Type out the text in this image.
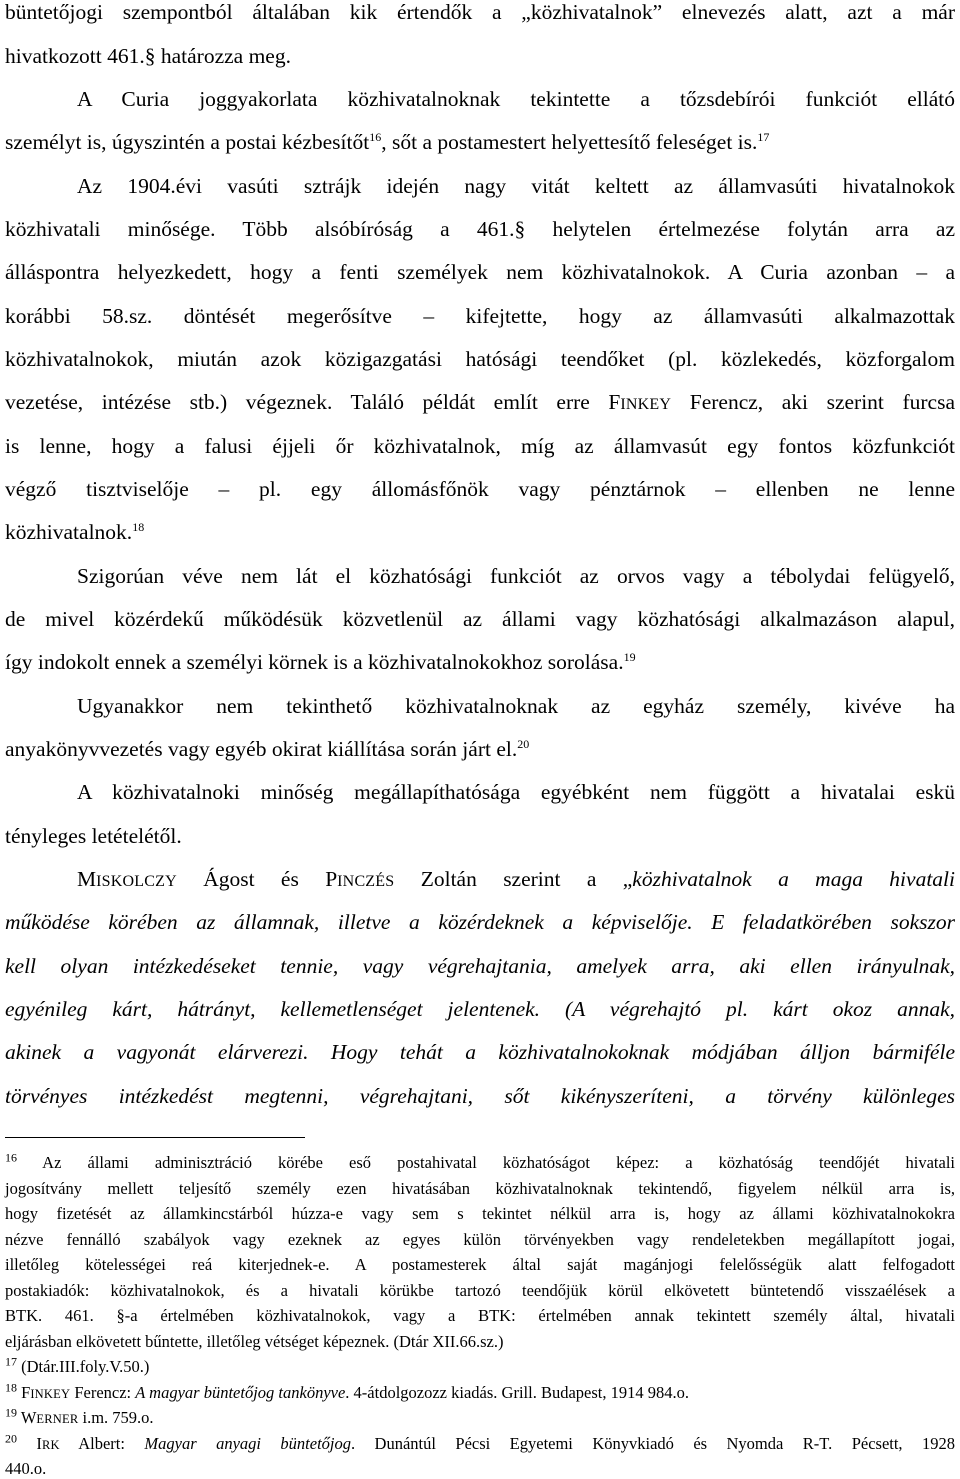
büntetőjogi szempontból általában kik értendők a „közhivatalnok” elnevezés alatt, azt a már
hivatkozott 461.§ határozza meg.
A Curia joggyakorlata közhivatalnoknak tekintette a tőzsdebírói funkciót ellátó
személyt is, úgyszintén a postai kézbesítőt$^{16}$, sőt a postamestert helyettesítő feleséget is.$^{17}$
Az 1904.évi vasúti sztrájk idején nagy vitát keltett az államvasúti hivatalnokok
közhivatali minősége. Több alsóbíróság a 461.§ helytelen értelmezése folytán arra az
álláspontra helyezkedett, hogy a fenti személyek nem közhivatalnokok. A Curia azonban – a
korábbi 58.sz. döntését megerősítve – kifejtette, hogy az államvasúti alkalmazottak
közhivatalnokok, miután azok közigazgatási hatósági teendőket (pl. közlekedés, közforgalom
vezetése, intézése stb.) végeznek. Találó példát említ erre FINKEY Ferencz, aki szerint furcsa
is lenne, hogy a falusi éjjeli őr közhivatalnok, míg az államvasút egy fontos közfunkciót
végző tisztviselője – pl. egy állomásfőnök vagy pénztárnok – ellenben ne lenne
közhivatalnok.$^{18}$
Szigorúan véve nem lát el közhatósági funkciót az orvos vagy a tébolydai felügyelő,
de mivel közérdekű működésük közvetlenül az állami vagy közhatósági alkalmazáson alapul,
így indokolt ennek a személyi körnek is a közhivatalnokokhoz sorolása.$^{19}$
Ugyanakkor nem tekinthető közhivatalnoknak az egyház személy, kivéve ha
anyakönyvvezetés vagy egyéb okirat kiállítása során járt el.$^{20}$
A közhivatalnoki minőség megállapíthatósága egyébként nem függött a hivatalai eskü
tényleges letételétől.
MISKOLCZY Ágost és PINCZÉS Zoltán szerint a „közhivatalnok a maga hivatali
működése körében az államnak, illetve a közérdeknek a képviselője. E feladatkörében sokszor
kell olyan intézkedéseket tennie, vagy végrehajtania, amelyek arra, aki ellen irányulnak,
egyénileg kárt, hátrányt, kellemetlenséget jelentenek. (A végrehajtó pl. kárt okoz annak,
akinek a vagyonát elárverezi. Hogy tehát a közhivatalnokoknak módjában álljon bármiféle
törvényes intézkedést megtenni, végrehajtani, sőt kikényszeríteni, a törvény különleges
$^{16}$ Az állami adminisztráció körébe eső postahivatal közhatóságot képez: a közhatóság teendőjét hivatali
jogosítvány mellett teljesítő személy ezen hivatásában közhivatalnoknak tekintendő, figyelem nélkül arra is,
hogy fizetését az államkincstárból húzza-e vagy sem s tekintet nélkül arra is, hogy az állami közhivatalnokokra
nézve fennálló szabályok vagy ezeknek az egyes külön törvényekben vagy rendeletekben megállapított jogai,
illetőleg kötelességei reá kiterjednek-e. A postamesterek által saját magánjogi felelősségük alatt felfogadott
postakiadók: közhivatalnokok, és a hivatali körükbe tartozó teendőjük körül elkövetett büntetendő visszaélések a
BTK. 461. §-a értelmében közhivatalnokok, vagy a BTK: értelmében annak tekintett személy által, hivatali
eljárásban elkövetett bűntette, illetőleg vétséget képeznek. (Dtár XII.66.sz.)
$^{17}$ (Dtár.III.foly.V.50.)
$^{18}$ FINKEY Ferencz: A magyar büntetőjog tankönyve. 4-átdolgozozz kiadás. Grill. Budapest, 1914 984.o.
$^{19}$ WERNER i.m. 759.o.
$^{20}$ IRK Albert: Magyar anyagi büntetőjog. Dunántúl Pécsi Egyetemi Könyvkiadó és Nyomda R-T. Pécsett, 1928
440.o.
